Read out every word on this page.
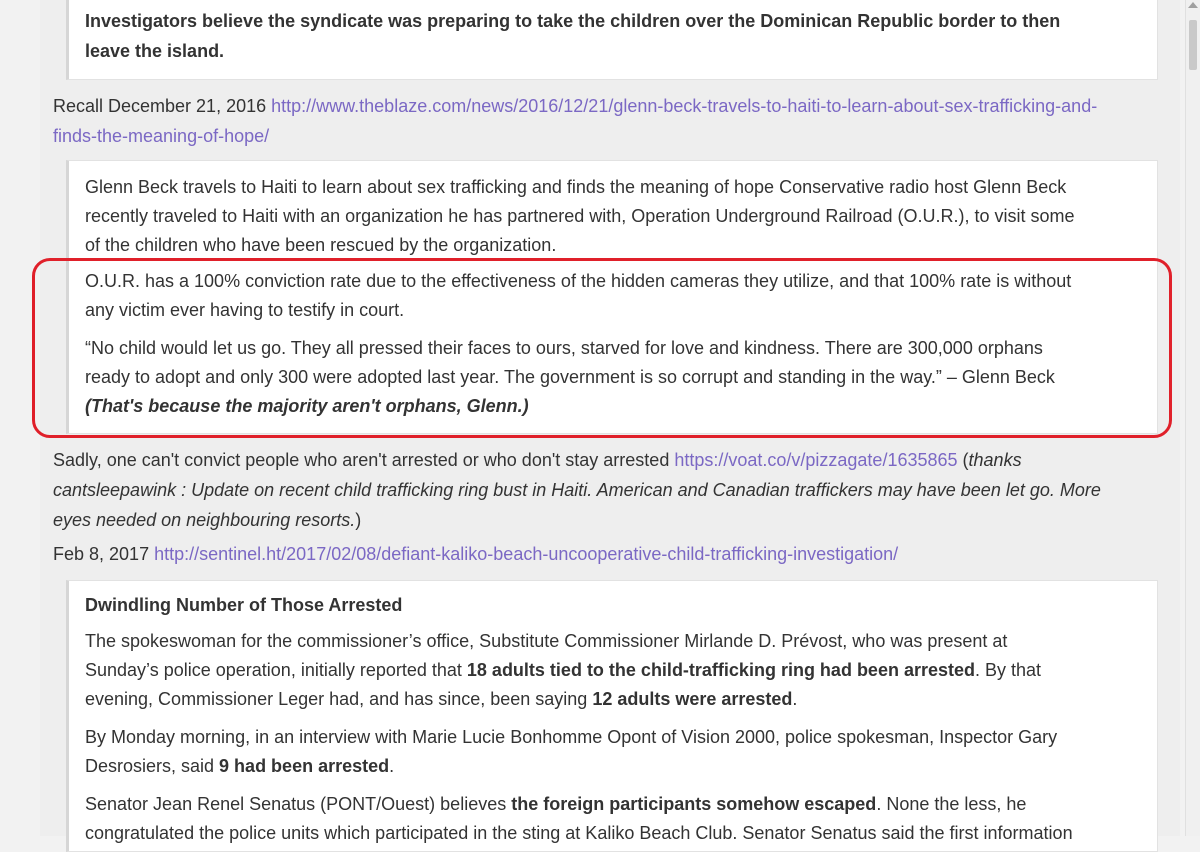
Investigators believe the syndicate was preparing to take the children over the Dominican Republic border to then
leave the island.
Recall December 21, 2016 http://www.theblaze.com/news/2016/12/21/glenn-beck-travels-to-haiti-to-learn-about-sex-trafficking-and-
finds-the-meaning-of-hope/
Glenn Beck travels to Haiti to learn about sex trafficking and finds the meaning of hope Conservative radio host Glenn Beck
recently traveled to Haiti with an organization he has partnered with, Operation Underground Railroad (O.U.R.), to visit some
of the children who have been rescued by the organization.
O.U.R. has a 100% conviction rate due to the effectiveness of the hidden cameras they utilize, and that 100% rate is without
any victim ever having to testify in court.
“No child would let us go. They all pressed their faces to ours, starved for love and kindness. There are 300,000 orphans
ready to adopt and only 300 were adopted last year. The government is so corrupt and standing in the way.” – Glenn Beck
(That's because the majority aren't orphans, Glenn.)
Sadly, one can't convict people who aren't arrested or who don't stay arrested https://voat.co/v/pizzagate/1635865 (thanks
cantsleepawink : Update on recent child trafficking ring bust in Haiti. American and Canadian traffickers may have been let go. More
eyes needed on neighbouring resorts.)
Feb 8, 2017 http://sentinel.ht/2017/02/08/defiant-kaliko-beach-uncooperative-child-trafficking-investigation/
Dwindling Number of Those Arrested
The spokeswoman for the commissioner’s office, Substitute Commissioner Mirlande D. Prévost, who was present at
Sunday’s police operation, initially reported that 18 adults tied to the child-trafficking ring had been arrested. By that
evening, Commissioner Leger had, and has since, been saying 12 adults were arrested.
By Monday morning, in an interview with Marie Lucie Bonhomme Opont of Vision 2000, police spokesman, Inspector Gary
Desrosiers, said 9 had been arrested.
Senator Jean Renel Senatus (PONT/Ouest) believes the foreign participants somehow escaped. None the less, he
congratulated the police units which participated in the sting at Kaliko Beach Club. Senator Senatus said the first information
